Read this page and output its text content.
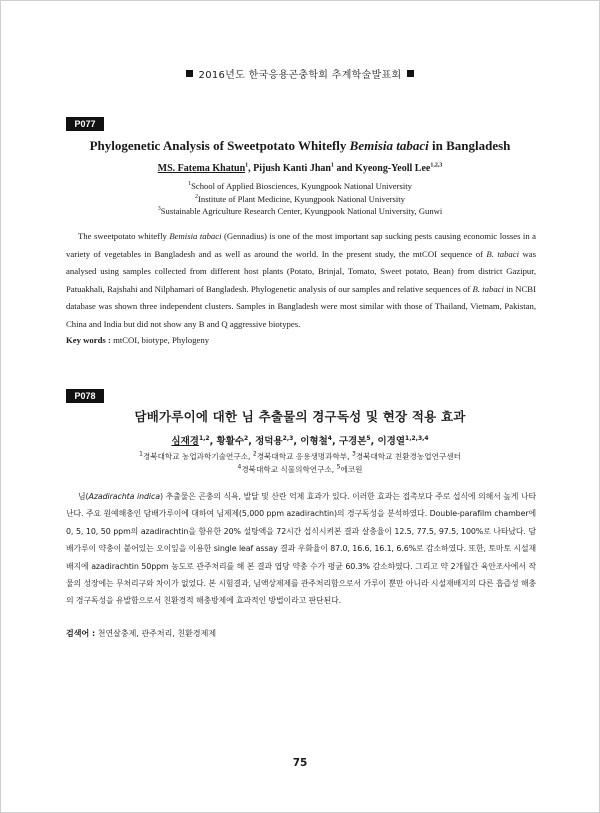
2016년도 한국응용곤충학회 추계학술발표회
P077
Phylogenetic Analysis of Sweetpotato Whitefly Bemisia tabaci in Bangladesh
MS. Fatema Khatun$^1$, Pijush Kanti Jhan$^1$ and Kyeong-Yeoll Lee$^{1,2,3}$
$^1$School of Applied Biosciences, Kyungpook National University
$^2$Institute of Plant Medicine, Kyungpook National University
$^3$Sustainable Agriculture Research Center, Kyungpook National University, Gunwi

The sweetpotato whitefly Bemisia tabaci (Gennadius) is one of the most important sap sucking pests causing economic losses in a variety of vegetables in Bangladesh and as well as around the world. In the present study, the mtCOI sequence of B. tabaci was analysed using samples collected from different host plants (Potato, Brinjal, Tomato, Sweet potato, Bean) from district Gazipur, Patuakhali, Rajshahi and Nilphamari of Bangladesh. Phylogenetic analysis of our samples and relative sequences of B. tabaci in NCBI database was shown three independent clusters. Samples in Bangladesh were most similar with those of Thailand, Vietnam, Pakistan, China and India but did not show any B and Q aggressive biotypes.

Key words : mtCOI, biotype, Phylogeny
P078
담배가루이에 대한 님 추출물의 경구독성 및 현장 적용 효과
심재경$^{1,2}$, 황활수$^2$, 정덕용$^{2,3}$, 이형철$^4$, 구경본$^5$, 이경열$^{1,2,3,4}$
$^1$경북대학교 농업과학기술연구소, $^2$경북대학교 응용생명과학부, $^3$경북대학교 친환경농업연구센터
$^4$경북대학교 식물의학연구소, $^5$에코원

님(Azadirachta indica) 추출물은 곤충의 식욕, 발달 및 산란 억제 효과가 있다. 이러한 효과는 접촉보다 주로 섭식에 의해서 높게 나타난다. 주요 원예해충인 담배가루이에 대하여 님제제(5,000 ppm azadirachtin)의 경구독성을 분석하였다. Double-parafilm chamber에 0, 5, 10, 50 ppm의 azadirachtin을 함유한 20% 설탕액을 72시간 섭식시켜본 결과 살충율이 12.5, 77.5, 97.5, 100%로 나타났다. 담배가루이 약충이 붙어있는 오이잎을 이용한 single leaf assay 결과 우화율이 87.0, 16.6, 16.1, 6.6%로 감소하였다. 또한, 토마토 시설재배지에 azadirachtin 50ppm 농도로 관주처리를 해 본 결과 엽당 약충 수가 평균 60.3% 감소하였다. 그리고 약 2개월간 육안조사에서 작물의 성장에는 무처리구와 차이가 없었다. 본 시험결과, 님액상제제를 관주처리함으로서 가루이 뿐만 아니라 시설재배지의 다른 흡즙성 해충의 경구독성을 유발함으로서 친환경적 해충방제에 효과적인 방법이라고 판단된다.

검색어 : 천연살충제, 관주처리, 친환경제제
75
